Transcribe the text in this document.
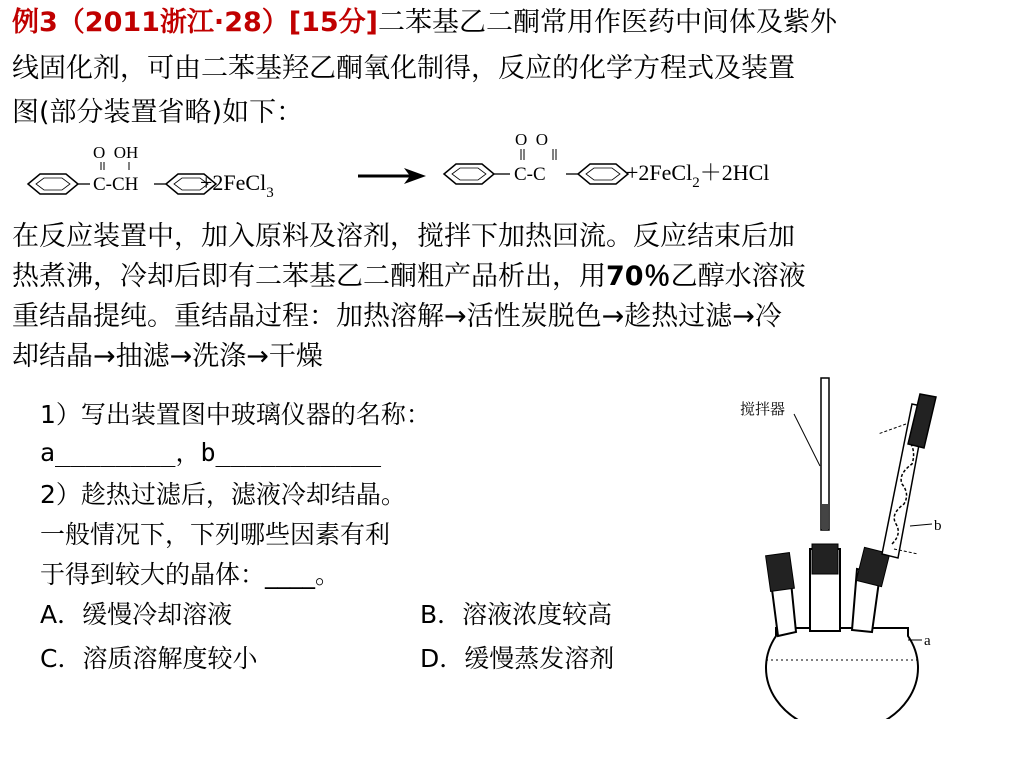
例3（2011浙江·28）[15分]二苯基乙二酮常用作医药中间体及紫外
线固化剂，可由二苯基羟乙酮氧化制得，反应的化学方程式及装置
图(部分装置省略)如下：
O  OH
C-CH	+2FeCl$_3$
O  O
C-C	+2FeCl$_2$＋2HCl
在反应装置中，加入原料及溶剂，搅拌下加热回流。反应结束后加
热煮沸，冷却后即有二苯基乙二酮粗产品析出，用70％乙醇水溶液
重结晶提纯。重结晶过程：加热溶解→活性炭脱色→趁热过滤→冷
却结晶→抽滤→洗涤→干燥
1）写出装置图中玻璃仪器的名称：
a________，b___________
2）趁热过滤后，滤液冷却结晶。
一般情况下，下列哪些因素有利
于得到较大的晶体：____。
A．缓慢冷却溶液	B．溶液浓度较高
C．溶质溶解度较小	D．缓慢蒸发溶剂
搅拌器
b
a
